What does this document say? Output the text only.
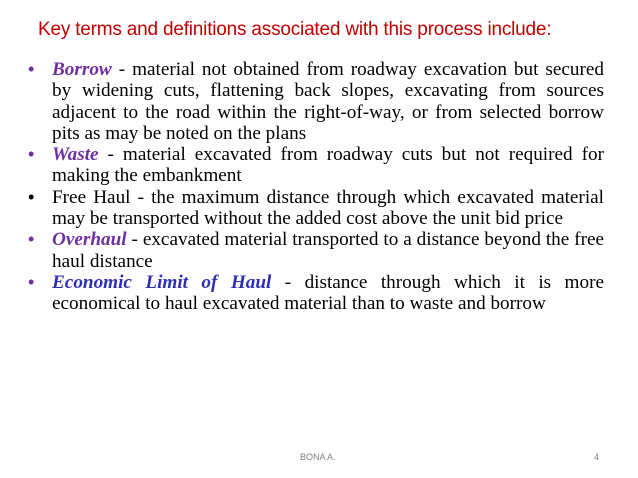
Key terms and definitions associated with this process include:
• Borrow - material not obtained from roadway excavation but secured by widening cuts, flattening back slopes, excavating from sources adjacent to the road within the right-of-way, or from selected borrow pits as may be noted on the plans
• Waste - material excavated from roadway cuts but not required for making the embankment
• Free Haul - the maximum distance through which excavated material may be transported without the added cost above the unit bid price
• Overhaul - excavated material transported to a distance beyond the free haul distance
• Economic Limit of Haul - distance through which it is more economical to haul excavated material than to waste and borrow
BONA A.	4
